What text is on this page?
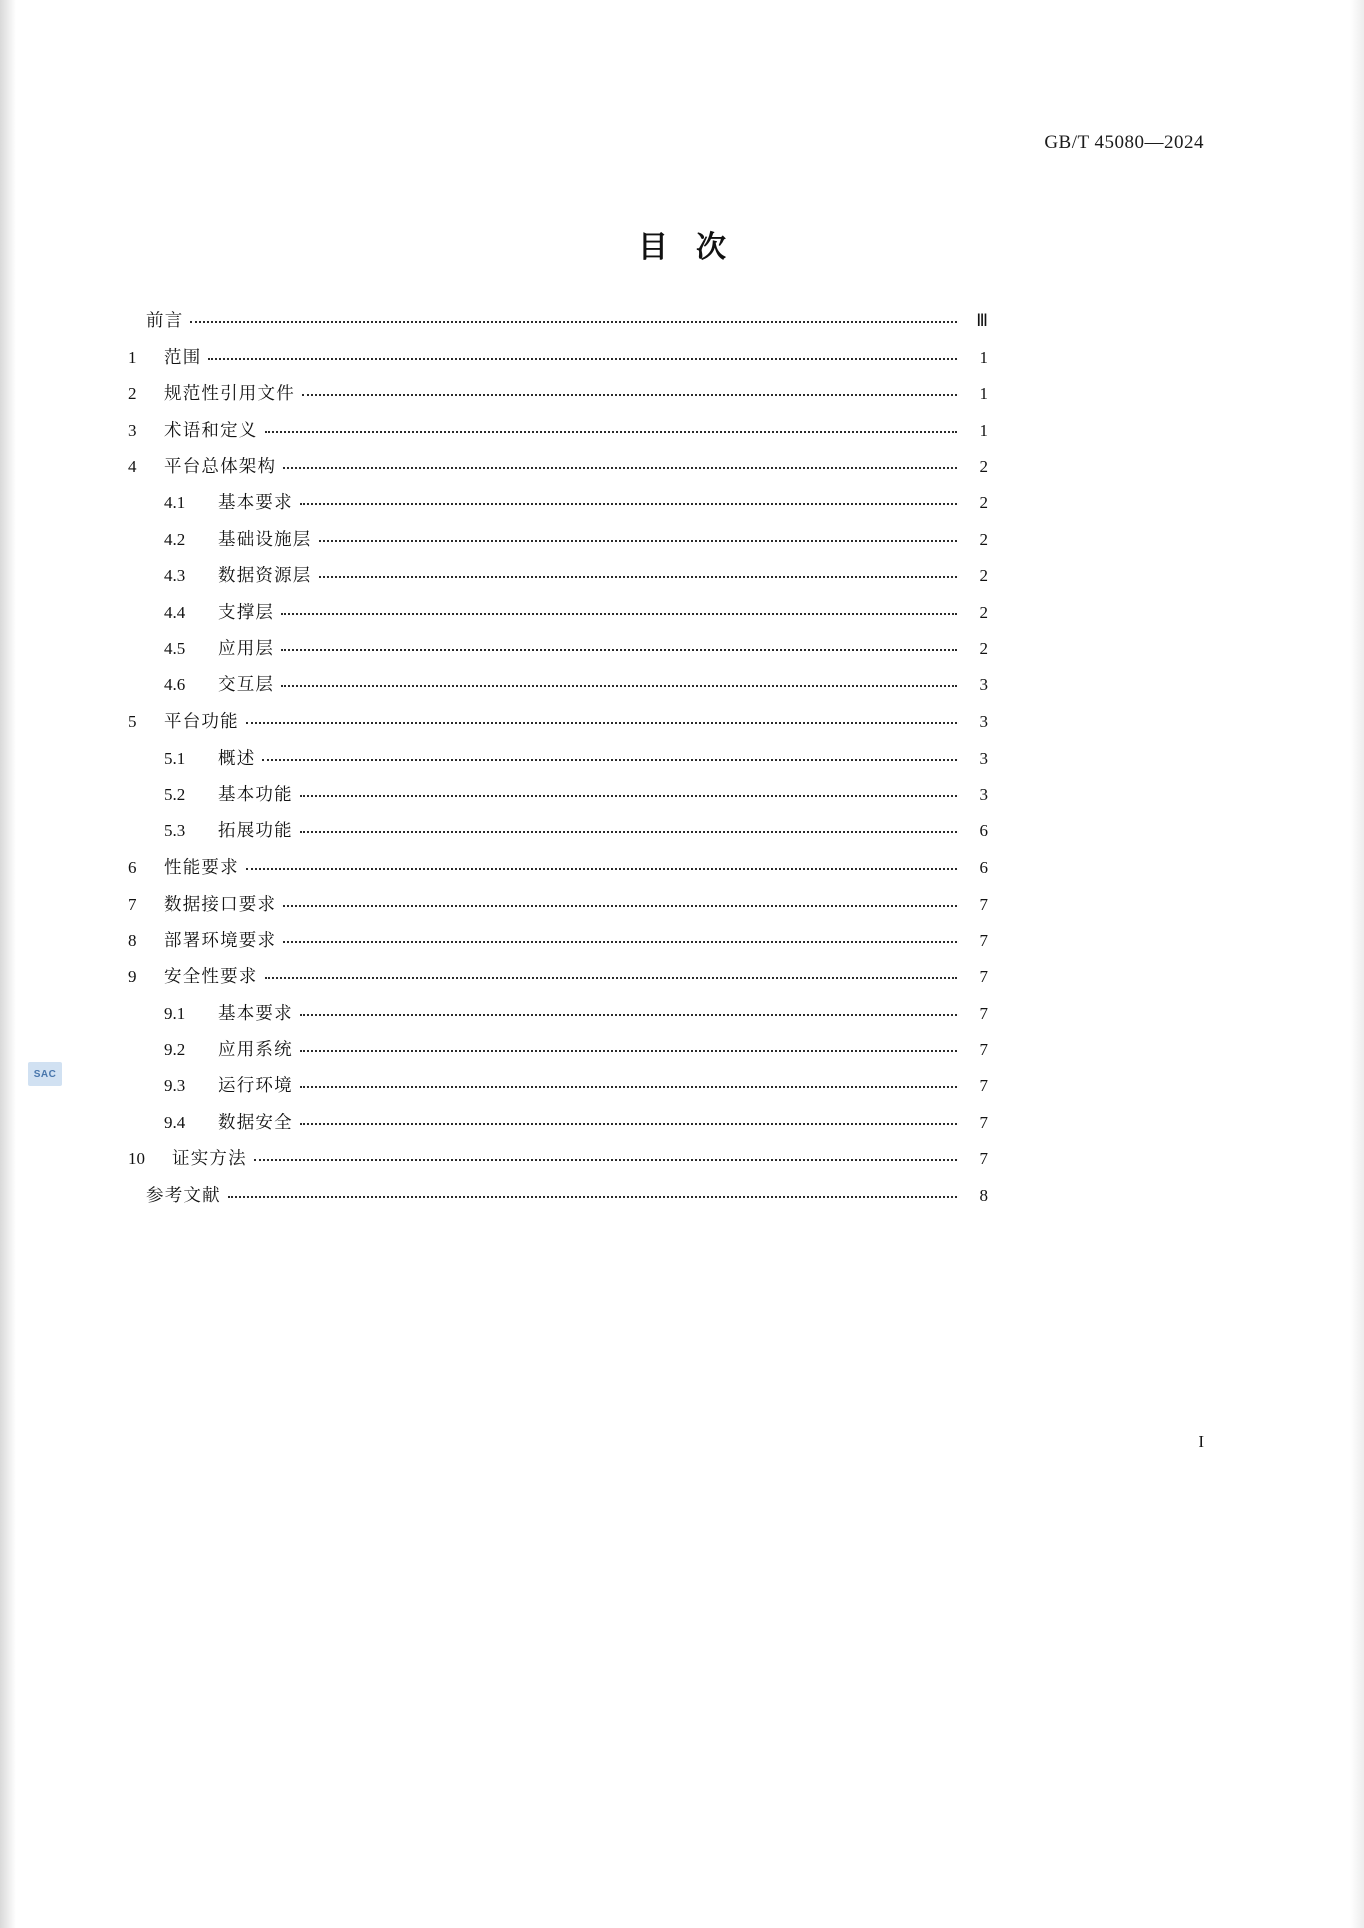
GB/T 45080—2024
目次
前言	Ⅲ
1	范围	1
2	规范性引用文件	1
3	术语和定义	1
4	平台总体架构	2
4.1	基本要求	2
4.2	基础设施层	2
4.3	数据资源层	2
4.4	支撑层	2
4.5	应用层	2
4.6	交互层	3
5	平台功能	3
5.1	概述	3
5.2	基本功能	3
5.3	拓展功能	6
6	性能要求	6
7	数据接口要求	7
8	部署环境要求	7
9	安全性要求	7
9.1	基本要求	7
9.2	应用系统	7
9.3	运行环境	7
9.4	数据安全	7
10	证实方法	7
参考文献	8
SAC
I
